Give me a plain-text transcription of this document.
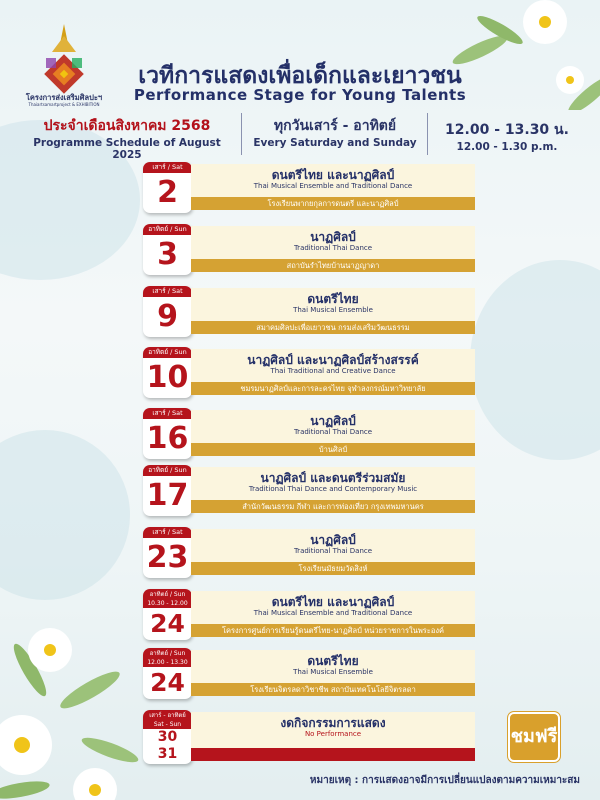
โครงการส่งเสริมศิลปะฯ
Thaiartsamartproject & EXHIBITION
เวทีการแสดงเพื่อเด็กและเยาวชน
Performance Stage for Young Talents
ประจำเดือนสิงหาคม 2568
Programme Schedule of August 2025
ทุกวันเสาร์ - อาทิตย์
Every Saturday and Sunday
12.00 - 13.30 น.
12.00 - 1.30 p.m.
เสาร์ / Sat
2	ดนตรีไทย และนาฏศิลป์
Thai Musical Ensemble and Traditional Dance
โรงเรียนพากยกุลการดนตรี และนาฏศิลป์
อาทิตย์ / Sun
3	นาฏศิลป์
Traditional Thai Dance
สถาบันรำไทยบ้านนาฏญาดา
เสาร์ / Sat
9	ดนตรีไทย
Thai Musical Ensemble
สมาคมศิลปะเพื่อเยาวชน กรมส่งเสริมวัฒนธรรม
อาทิตย์ / Sun
10	นาฏศิลป์ และนาฏศิลป์สร้างสรรค์
Thai Traditional and Creative Dance
ชมรมนาฏศิลป์และการละครไทย จุฬาลงกรณ์มหาวิทยาลัย
เสาร์ / Sat
16	นาฏศิลป์
Traditional Thai Dance
บ้านศิลป์
อาทิตย์ / Sun
17	นาฏศิลป์ และดนตรีร่วมสมัย
Traditional Thai Dance and Contemporary Music
สำนักวัฒนธรรม กีฬา และการท่องเที่ยว กรุงเทพมหานคร
เสาร์ / Sat
23	นาฏศิลป์
Traditional Thai Dance
โรงเรียนมัธยมวัดสิงห์
อาทิตย์ / Sun
10.30 - 12.00
24
ดนตรีไทย และนาฏศิลป์
Thai Musical Ensemble and Traditional Dance
โครงการศูนย์การเรียนรู้ดนตรีไทย-นาฏศิลป์ หน่วยราชการในพระองค์
อาทิตย์ / Sun
12.00 - 13.30
24
ดนตรีไทย
Thai Musical Ensemble
โรงเรียนจิตรลดาวิชาชีพ สถาบันเทคโนโลยีจิตรลดา
เสาร์ - อาทิตย์
Sat - Sun
30
31
งดกิจกรรมการแสดง
No Performance	ชมฟรี
หมายเหตุ : การแสดงอาจมีการเปลี่ยนแปลงตามความเหมาะสม
